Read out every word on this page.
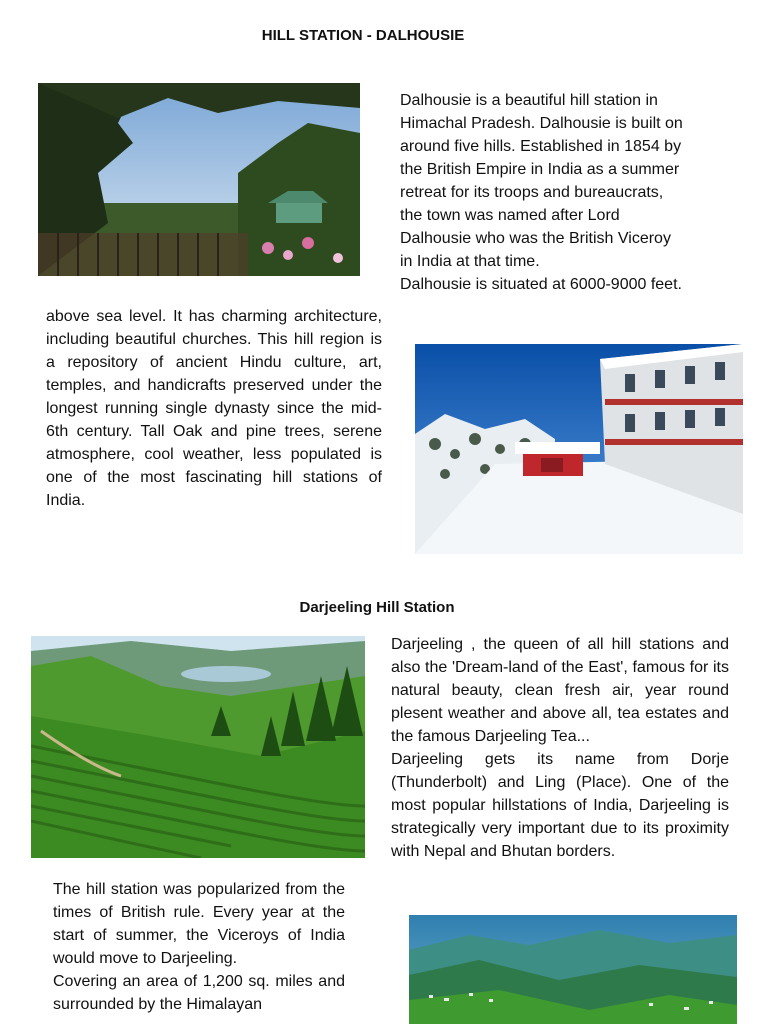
HILL STATION - DALHOUSIE

Dalhousie is a beautiful hill station in

Himachal Pradesh. Dalhousie is built on

around five hills. Established in 1854 by

the British Empire in India as a summer

retreat for its troops and bureaucrats,

the town was named after Lord

Dalhousie who was the British Viceroy

in India at that time.

Dalhousie is situated at 6000-9000 feet.

above sea level. It has charming architecture, including beautiful churches. This hill region is a repository of ancient Hindu culture, art, temples, and handicrafts preserved under the longest running single dynasty since the mid-6th century. Tall Oak and pine trees, serene atmosphere, cool weather, less populated is one of the most fascinating hill stations of India.

Darjeeling Hill Station

Darjeeling , the queen of all hill stations and also the 'Dream-land of the East', famous for its natural beauty, clean fresh air, year round plesent weather and above all, tea estates and the famous Darjeeling Tea...

Darjeeling gets its name from Dorje (Thunderbolt) and Ling (Place). One of the most popular hillstations of India, Darjeeling is strategically very important due to its proximity with Nepal and Bhutan borders.

The hill station was popularized from the times of British rule. Every year at the start of summer, the Viceroys of India would move to Darjeeling.

Covering an area of 1,200 sq. miles and surrounded by the Himalayan
